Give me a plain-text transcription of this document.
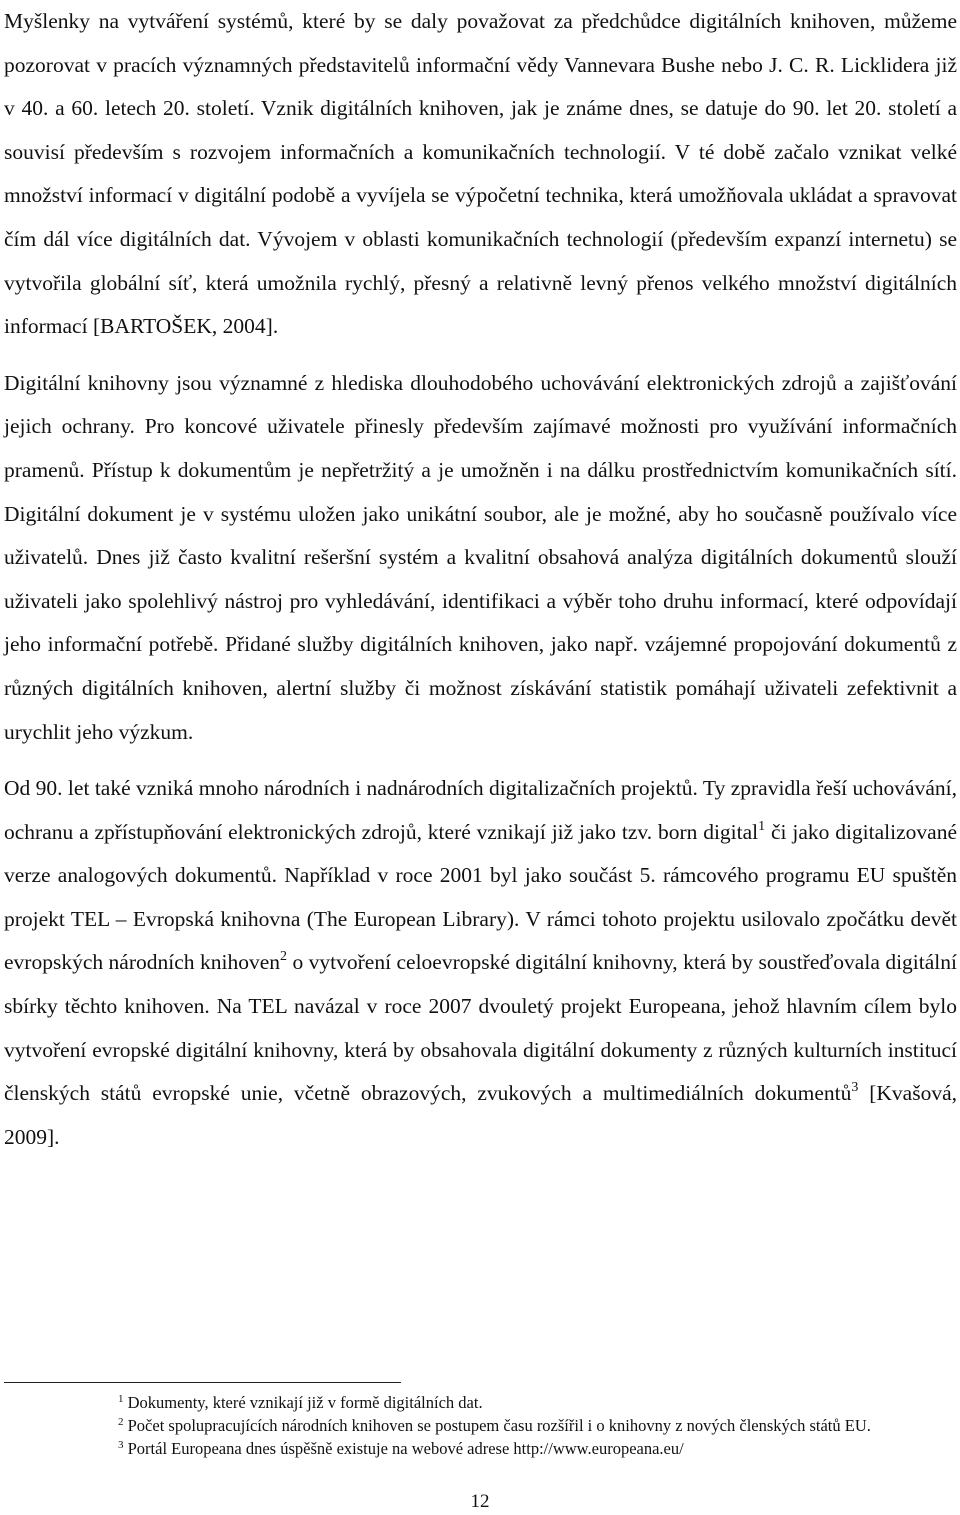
Myšlenky na vytváření systémů, které by se daly považovat za předchůdce digitálních knihoven, můžeme pozorovat v pracích významných představitelů informační vědy Vannevara Bushe nebo J. C. R. Licklidera již v 40. a 60. letech 20. století. Vznik digitálních knihoven, jak je známe dnes, se datuje do 90. let 20. století a souvisí především s rozvojem informačních a komunikačních technologií. V té době začalo vznikat velké množství informací v digitální podobě a vyvíjela se výpočetní technika, která umožňovala ukládat a spravovat čím dál více digitálních dat. Vývojem v oblasti komunikačních technologií (především expanzí internetu) se vytvořila globální síť, která umožnila rychlý, přesný a relativně levný přenos velkého množství digitálních informací [BARTOŠEK, 2004].

Digitální knihovny jsou významné z hlediska dlouhodobého uchovávání elektronických zdrojů a zajišťování jejich ochrany. Pro koncové uživatele přinesly především zajímavé možnosti pro využívání informačních pramenů. Přístup k dokumentům je nepřetržitý a je umožněn i na dálku prostřednictvím komunikačních sítí. Digitální dokument je v systému uložen jako unikátní soubor, ale je možné, aby ho současně používalo více uživatelů. Dnes již často kvalitní rešeršní systém a kvalitní obsahová analýza digitálních dokumentů slouží uživateli jako spolehlivý nástroj pro vyhledávání, identifikaci a výběr toho druhu informací, které odpovídají jeho informační potřebě. Přidané služby digitálních knihoven, jako např. vzájemné propojování dokumentů z různých digitálních knihoven, alertní služby či možnost získávání statistik pomáhají uživateli zefektivnit a urychlit jeho výzkum.

Od 90. let také vzniká mnoho národních i nadnárodních digitalizačních projektů. Ty zpravidla řeší uchovávání, ochranu a zpřístupňování elektronických zdrojů, které vznikají již jako tzv. born digital$^1$ či jako digitalizované verze analogových dokumentů. Například v roce 2001 byl jako součást 5. rámcového programu EU spuštěn projekt TEL – Evropská knihovna (The European Library). V rámci tohoto projektu usilovalo zpočátku devět evropských národních knihoven$^2$ o vytvoření celoevropské digitální knihovny, která by soustřeďovala digitální sbírky těchto knihoven. Na TEL navázal v roce 2007 dvouletý projekt Europeana, jehož hlavním cílem bylo vytvoření evropské digitální knihovny, která by obsahovala digitální dokumenty z různých kulturních institucí členských států evropské unie, včetně obrazových, zvukových a multimediálních dokumentů$^3$ [Kvašová, 2009].

$^1$ Dokumenty, které vznikají již v formě digitálních dat.

$^2$ Počet spolupracujících národních knihoven se postupem času rozšířil i o knihovny z nových členských států EU.

$^3$ Portál Europeana dnes úspěšně existuje na webové adrese http://www.europeana.eu/

12
